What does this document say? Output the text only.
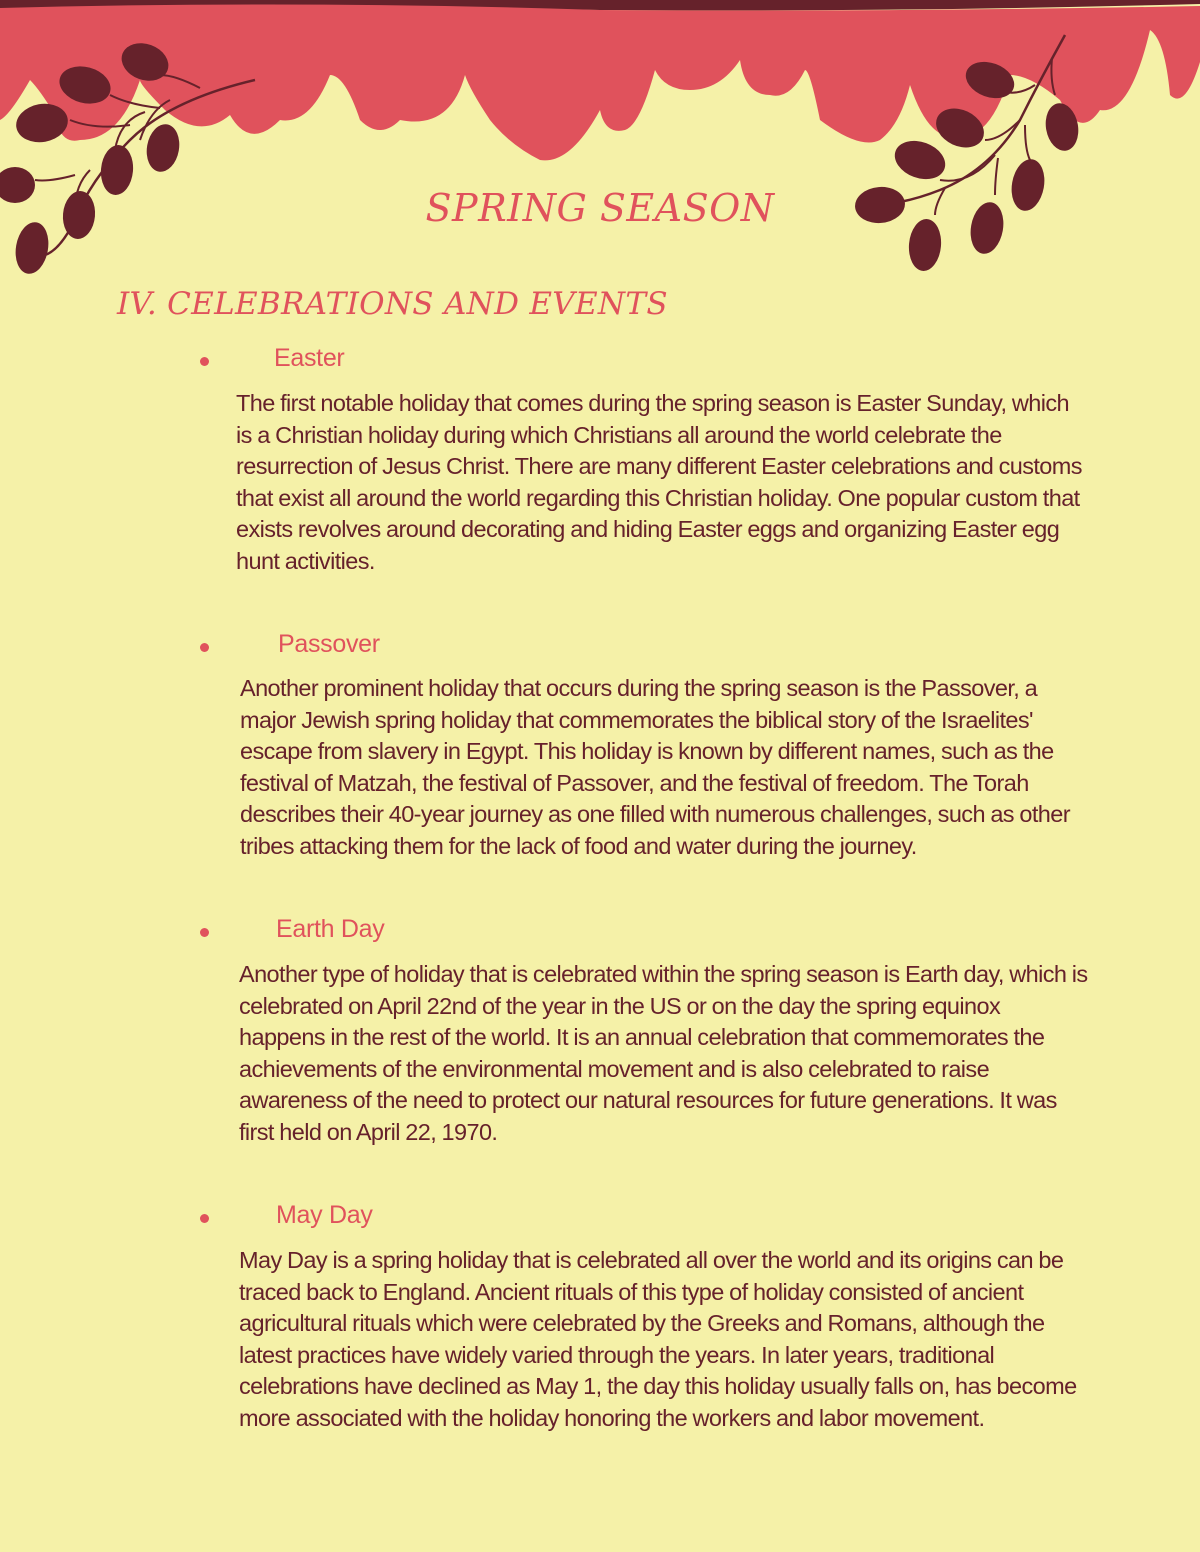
SPRING SEASON
IV. CELEBRATIONS AND EVENTS
Easter
The first notable holiday that comes during the spring season is Easter Sunday, which is a Christian holiday during which Christians all around the world celebrate the resurrection of Jesus Christ. There are many different Easter celebrations and customs that exist all around the world regarding this Christian holiday. One popular custom that exists revolves around decorating and hiding Easter eggs and organizing Easter egg hunt activities.
Passover
Another prominent holiday that occurs during the spring season is the Passover, a major Jewish spring holiday that commemorates the biblical story of the Israelites' escape from slavery in Egypt. This holiday is known by different names, such as the festival of Matzah, the festival of Passover, and the festival of freedom. The Torah describes their 40-year journey as one filled with numerous challenges, such as other tribes attacking them for the lack of food and water during the journey.
Earth Day
Another type of holiday that is celebrated within the spring season is Earth day, which is celebrated on April 22nd of the year in the US or on the day the spring equinox happens in the rest of the world. It is an annual celebration that commemorates the achievements of the environmental movement and is also celebrated to raise awareness of the need to protect our natural resources for future generations. It was first held on April 22, 1970.
May Day
May Day is a spring holiday that is celebrated all over the world and its origins can be traced back to England. Ancient rituals of this type of holiday consisted of ancient agricultural rituals which were celebrated by the Greeks and Romans, although the latest practices have widely varied through the years. In later years, traditional celebrations have declined as May 1, the day this holiday usually falls on, has become more associated with the holiday honoring the workers and labor movement.
